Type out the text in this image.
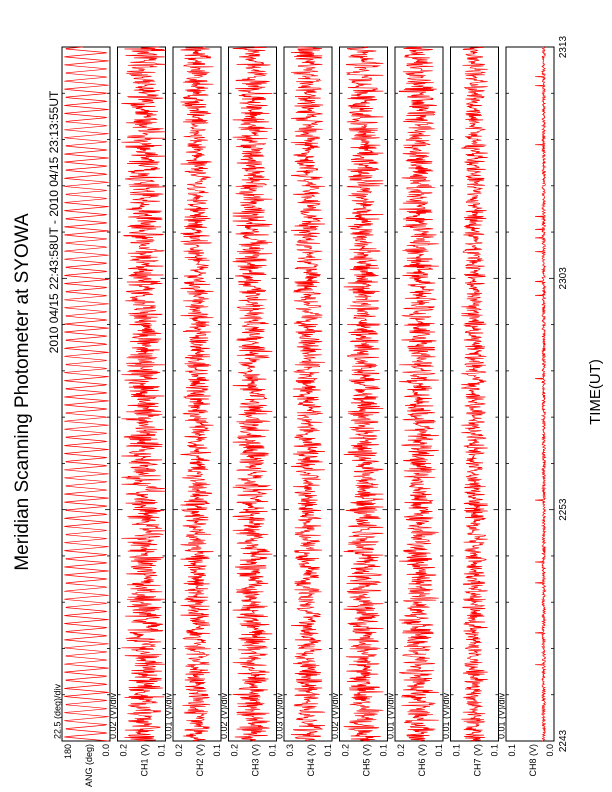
Meridian Scanning Photometer at SYOWA 2010 04/15 22:43:58UT - 2010 04/15 23:13:55UT
180	0.0
ANG (deg)
22.5 (deg)/div
0.2	0.1
CH1 (V)
0.02 (V)/div
0.2	0.1
CH2 (V)
0.01 (V)/div
0.2	0.1
CH3 (V)
0.02 (V)/div
0.3	0.1
CH4 (V)
0.03 (V)/div
0.2	0.1
CH5 (V)
0.02 (V)/div
0.2	0.1
CH6 (V)
0.01 (V)/div
0.1	0.1
CH7 (V)
0.01 (V)/div
0.1	0.0
CH8 (V)
0.01 (V)/div
2243
2253
2303
2313
TIME(UT)
